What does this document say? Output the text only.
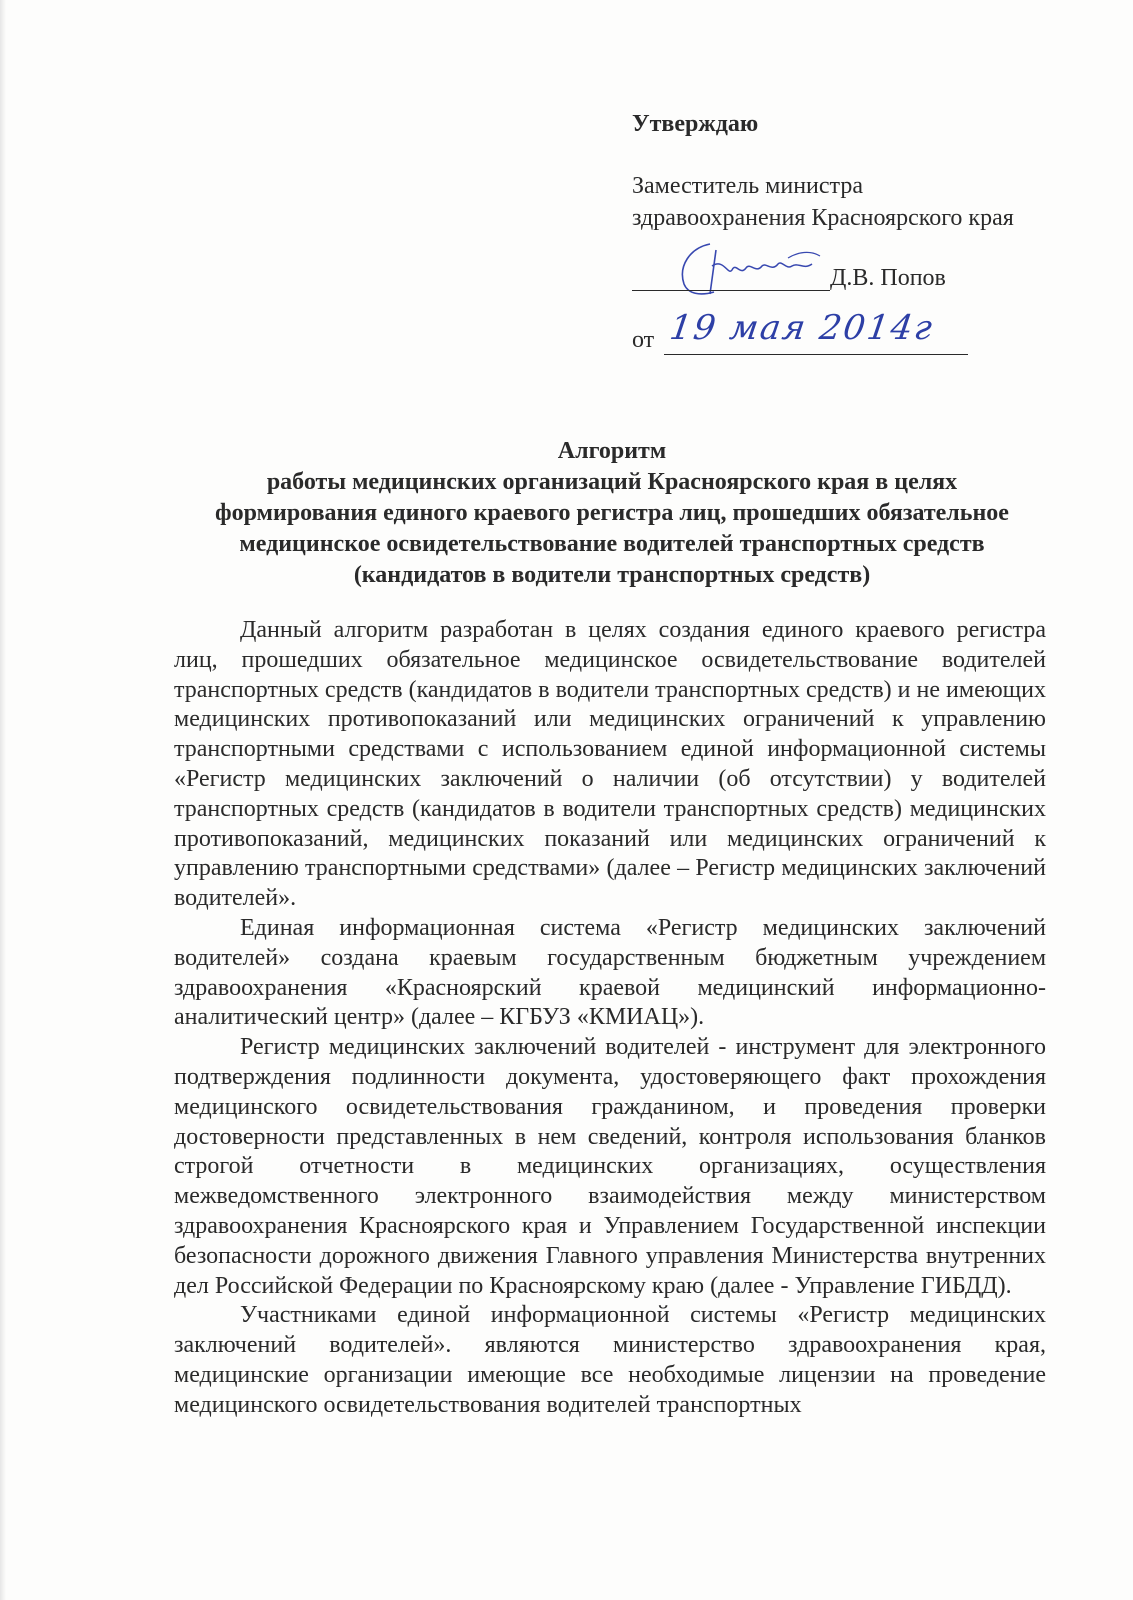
Утверждаю

Заместитель министра
здравоохранения Красноярского края
Д.В. Попов
от 19 мая 2014г
Алгоритм
работы медицинских организаций Красноярского края в целях
формирования единого краевого регистра лиц, прошедших обязательное
медицинское освидетельствование водителей транспортных средств
(кандидатов в водители транспортных средств)

Данный алгоритм разработан в целях создания единого краевого регистра лиц, прошедших обязательное медицинское освидетельствование водителей транспортных средств (кандидатов в водители транспортных средств) и не имеющих медицинских противопоказаний или медицинских ограничений к управлению транспортными средствами с использованием единой информационной системы «Регистр медицинских заключений о наличии (об отсутствии) у водителей транспортных средств (кандидатов в водители транспортных средств) медицинских противопоказаний, медицинских показаний или медицинских ограничений к управлению транспортными средствами» (далее – Регистр медицинских заключений водителей».

Единая информационная система «Регистр медицинских заключений водителей» создана краевым государственным бюджетным учреждением здравоохранения «Красноярский краевой медицинский информационно-аналитический центр» (далее – КГБУЗ «КМИАЦ»).

Регистр медицинских заключений водителей - инструмент для электронного подтверждения подлинности документа, удостоверяющего факт прохождения медицинского освидетельствования гражданином, и проведения проверки достоверности представленных в нем сведений, контроля использования бланков строгой отчетности в медицинских организациях, осуществления межведомственного электронного взаимодействия между министерством здравоохранения Красноярского края и Управлением Государственной инспекции безопасности дорожного движения Главного управления Министерства внутренних дел Российской Федерации по Красноярскому краю (далее - Управление ГИБДД).

Участниками единой информационной системы «Регистр медицинских заключений водителей». являются министерство здравоохранения края, медицинские организации имеющие все необходимые лицензии на проведение медицинского освидетельствования водителей транспортных
